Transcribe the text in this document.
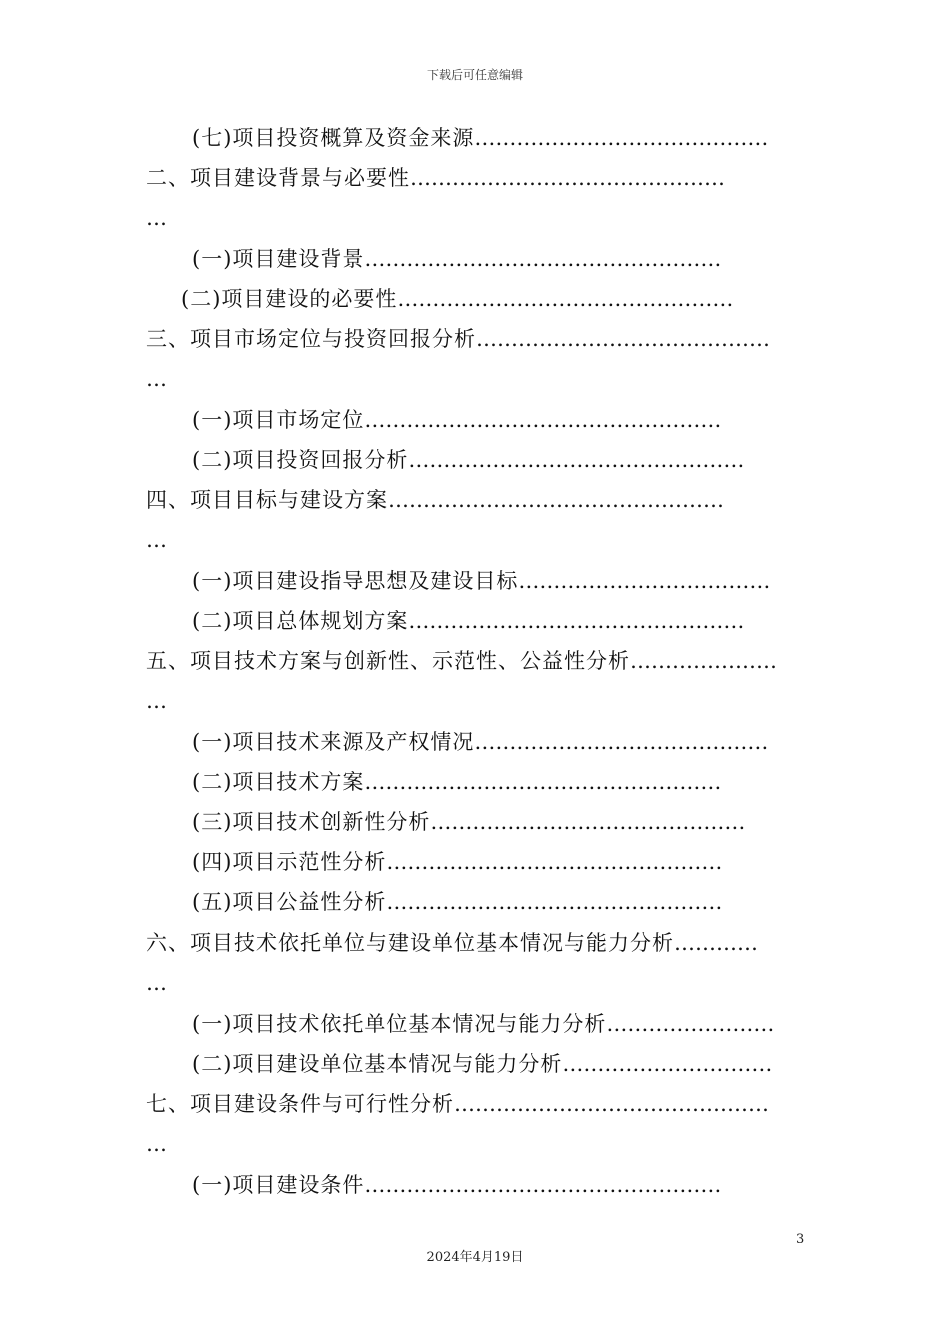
下载后可任意编辑
(七)项目投资概算及资金来源……………………………………
二、项目建设背景与必要性………………………………………
…
(一)项目建设背景……………………………………………
(二)项目建设的必要性…………………………………………
三、项目市场定位与投资回报分析……………………………………
…
(一)项目市场定位……………………………………………
(二)项目投资回报分析…………………………………………
四、项目目标与建设方案…………………………………………
…
(一)项目建设指导思想及建设目标………………………………
(二)项目总体规划方案…………………………………………
五、项目技术方案与创新性、示范性、公益性分析…………………
…
(一)项目技术来源及产权情况……………………………………
(二)项目技术方案……………………………………………
(三)项目技术创新性分析………………………………………
(四)项目示范性分析…………………………………………
(五)项目公益性分析…………………………………………
六、项目技术依托单位与建设单位基本情况与能力分析…………
…
(一)项目技术依托单位基本情况与能力分析……………………
(二)项目建设单位基本情况与能力分析…………………………
七、项目建设条件与可行性分析………………………………………
…
(一)项目建设条件……………………………………………
3
2024年4月19日
